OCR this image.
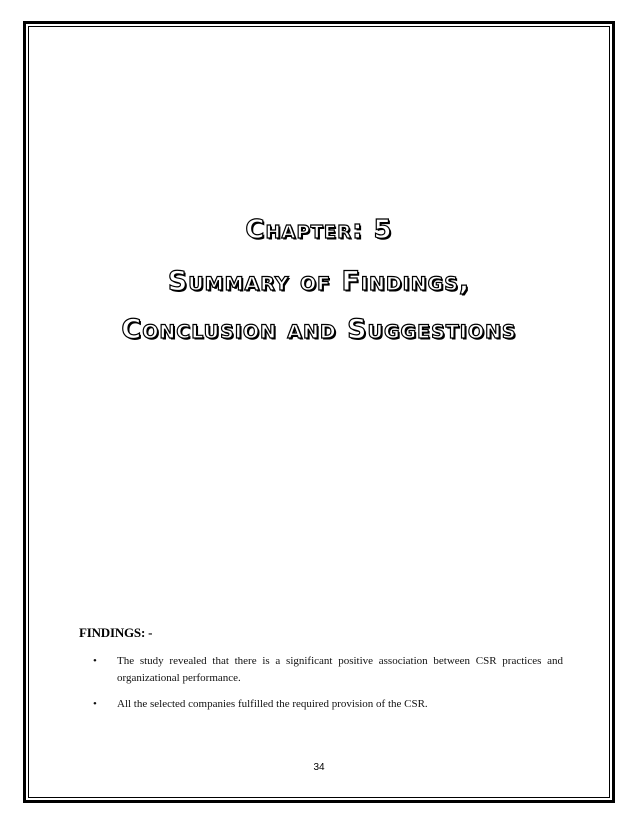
Chapter: 5
Summary of Findings,
Conclusion and Suggestions
FINDINGS: -
• The study revealed that there is a significant positive association between CSR practices and organizational performance.
• All the selected companies fulfilled the required provision of the CSR.
34
